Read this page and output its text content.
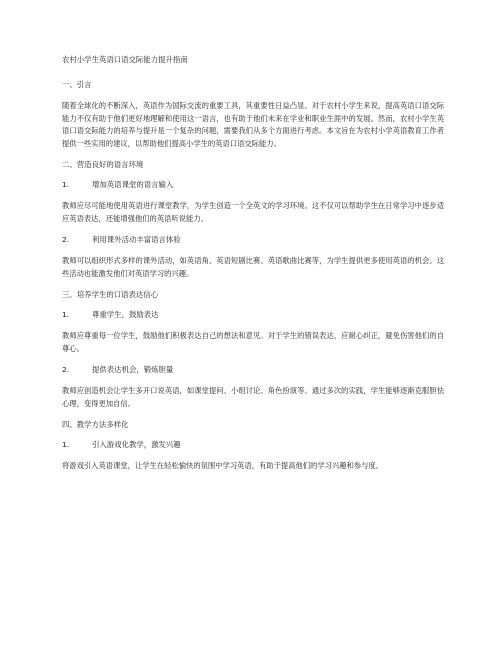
农村小学生英语口语交际能力提升指南
一、引言
随着全球化的不断深入，英语作为国际交流的重要工具，其重要性日益凸显。对于农村小学生来说，提高英语口语交际能力不仅有助于他们更好地理解和使用这一语言，也有助于他们未来在学业和职业生涯中的发展。然而，农村小学生英语口语交际能力的培养与提升是一个复杂的问题，需要我们从多个方面进行考虑。本文旨在为农村小学英语教育工作者提供一些实用的建议，以帮助他们提高小学生的英语口语交际能力。
二、营造良好的语言环境
1.	增加英语课堂的语言输入
教师应尽可能地使用英语进行课堂教学，为学生创造一个全英文的学习环境。这不仅可以帮助学生在日常学习中逐步适应英语表达，还能增强他们的英语听说能力。
2.	利用课外活动丰富语言体验
教师可以组织形式多样的课外活动，如英语角、英语短剧比赛、英语歌曲比赛等，为学生提供更多使用英语的机会。这些活动也能激发他们对英语学习的兴趣。
三、培养学生的口语表达信心
1.	尊重学生，鼓励表达
教师应尊重每一位学生，鼓励他们积极表达自己的想法和意见。对于学生的错误表达，应耐心纠正，避免伤害他们的自尊心。
2.	提供表达机会，锻炼胆量
教师应创造机会让学生多开口说英语，如课堂提问、小组讨论、角色扮演等。通过多次的实践，学生能够逐渐克服胆怯心理，变得更加自信。
四、教学方法多样化
1.	引入游戏化教学，激发兴趣
将游戏引入英语课堂，让学生在轻松愉快的氛围中学习英语，有助于提高他们的学习兴趣和参与度。
